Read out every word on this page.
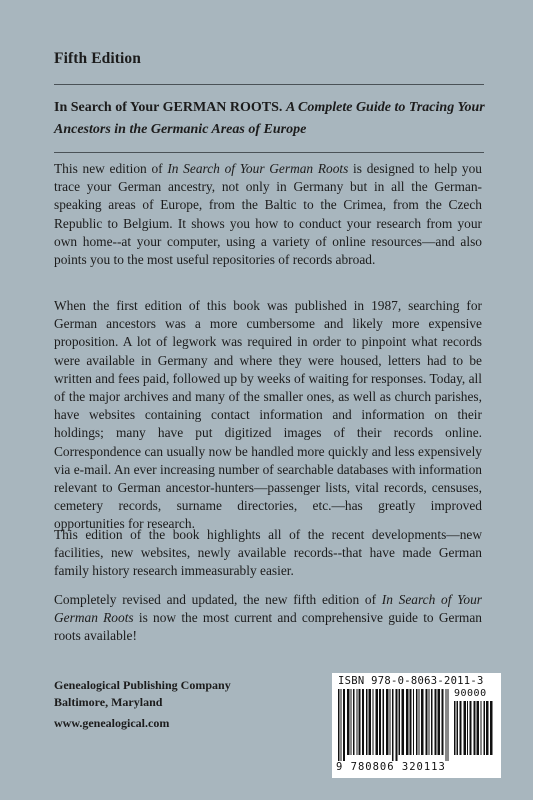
Fifth Edition
In Search of Your GERMAN ROOTS. A Complete Guide to Tracing Your Ancestors in the Germanic Areas of Europe
This new edition of In Search of Your German Roots is designed to help you trace your German ancestry, not only in Germany but in all the German-speaking areas of Europe, from the Baltic to the Crimea, from the Czech Republic to Belgium. It shows you how to conduct your research from your own home--at your computer, using a variety of online resources—and also points you to the most useful repositories of records abroad.
When the first edition of this book was published in 1987, searching for German ancestors was a more cumbersome and likely more expensive proposition. A lot of legwork was required in order to pinpoint what records were available in Germany and where they were housed, letters had to be written and fees paid, followed up by weeks of waiting for responses. Today, all of the major archives and many of the smaller ones, as well as church parishes, have websites containing contact information and information on their holdings; many have put digitized images of their records online. Correspondence can usually now be handled more quickly and less expensively via e-mail. An ever increasing number of searchable databases with information relevant to German ancestor-hunters—passenger lists, vital records, censuses, cemetery records, surname directories, etc.—has greatly improved opportunities for research.
This edition of the book highlights all of the recent developments—new facilities, new websites, newly available records--that have made German family history research immeasurably easier.
Completely revised and updated, the new fifth edition of In Search of Your German Roots is now the most current and comprehensive guide to German roots available!
Genealogical Publishing Company
Baltimore, Maryland
www.genealogical.com
ISBN 978-0-8063-2011-3
90000
9 780806 320113
